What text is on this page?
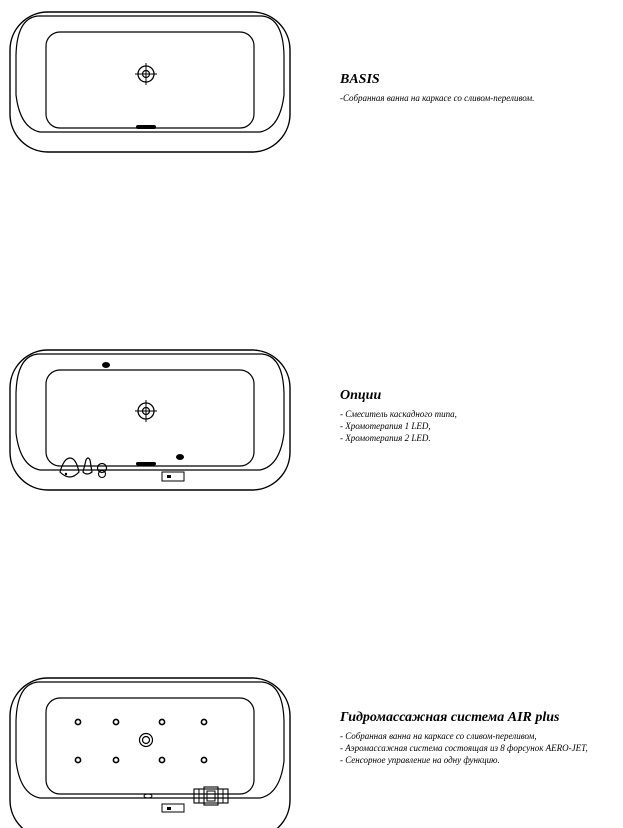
BASIS
-Собранная ванна на каркасе со сливом-переливом.
Опции
- Смеситель каскадного типа,
- Хромотерапия 1 LED,
- Хромотерапия 2 LED.
Гидромассажная система AIR plus
- Собранная ванна на каркасе со сливом-переливом,
- Аэромассажная система состоящая из 8 форсунок AERO-JET,
- Сенсорное управление на одну функцию.
